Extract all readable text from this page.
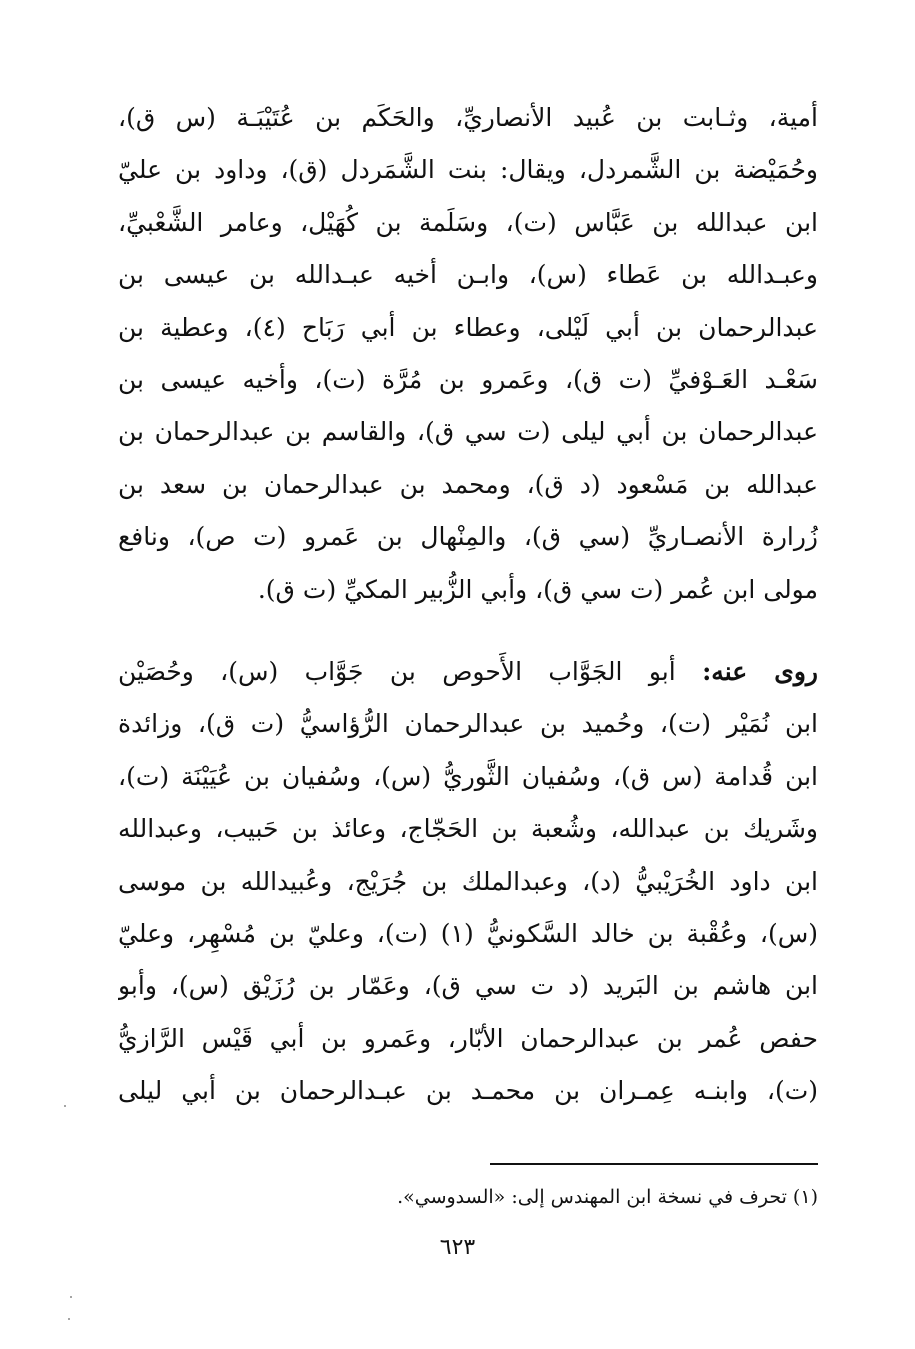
أمية، وثـابت بن عُبيد الأنصاريِّ، والحَكَم بن عُتَيْبَـة (س ق)،
وحُمَيْضة بن الشَّمردل، ويقال: بنت الشَّمَردل (ق)، وداود بن عليّ
ابن عبدالله بن عَبَّاس (ت)، وسَلَمة بن كُهَيْل، وعامر الشَّعْبيِّ،
وعبـدالله بن عَطاء (س)، وابـن أخيه عبـدالله بن عيسى بن
عبدالرحمان بن أبي لَيْلى، وعطاء بن أبي رَبَاح (٤)، وعطية بن
سَعْـد العَـوْفيِّ (ت ق)، وعَمرو بن مُرَّة (ت)، وأخيه عيسى بن
عبدالرحمان بن أبي ليلى (ت سي ق)، والقاسم بن عبدالرحمان بن
عبدالله بن مَسْعود (د ق)، ومحمد بن عبدالرحمان بن سعد بن
زُرارة الأنصـاريِّ (سي ق)، والمِنْهال بن عَمرو (ت ص)، ونافع
مولى ابن عُمر (ت سي ق)، وأبي الزُّبير المكيِّ (ت ق).
روى عنه: أبو الجَوَّاب الأَحوص بن جَوَّاب (س)، وحُصَيْن
ابن نُمَيْر (ت)، وحُميد بن عبدالرحمان الرُّؤاسيُّ (ت ق)، وزائدة
ابن قُدامة (س ق)، وسُفيان الثَّوريُّ (س)، وسُفيان بن عُيَيْنَة (ت)،
وشَريك بن عبدالله، وشُعبة بن الحَجّاج، وعائذ بن حَبيب، وعبدالله
ابن داود الخُرَيْبيُّ (د)، وعبدالملك بن جُرَيْج، وعُبيدالله بن موسى
(س)، وعُقْبة بن خالد السَّكونيُّ (١) (ت)، وعليّ بن مُسْهِر، وعليّ
ابن هاشم بن البَريد (د ت سي ق)، وعَمّار بن رُزَيْق (س)، وأبو
حفص عُمر بن عبدالرحمان الأبّار، وعَمرو بن أبي قَيْس الرَّازيُّ
(ت)، وابنـه عِمـران بن محمـد بن عبـدالرحمان بن أبي ليلى
(١) تحرف في نسخة ابن المهندس إلى: «السدوسي».
٦٢٣
